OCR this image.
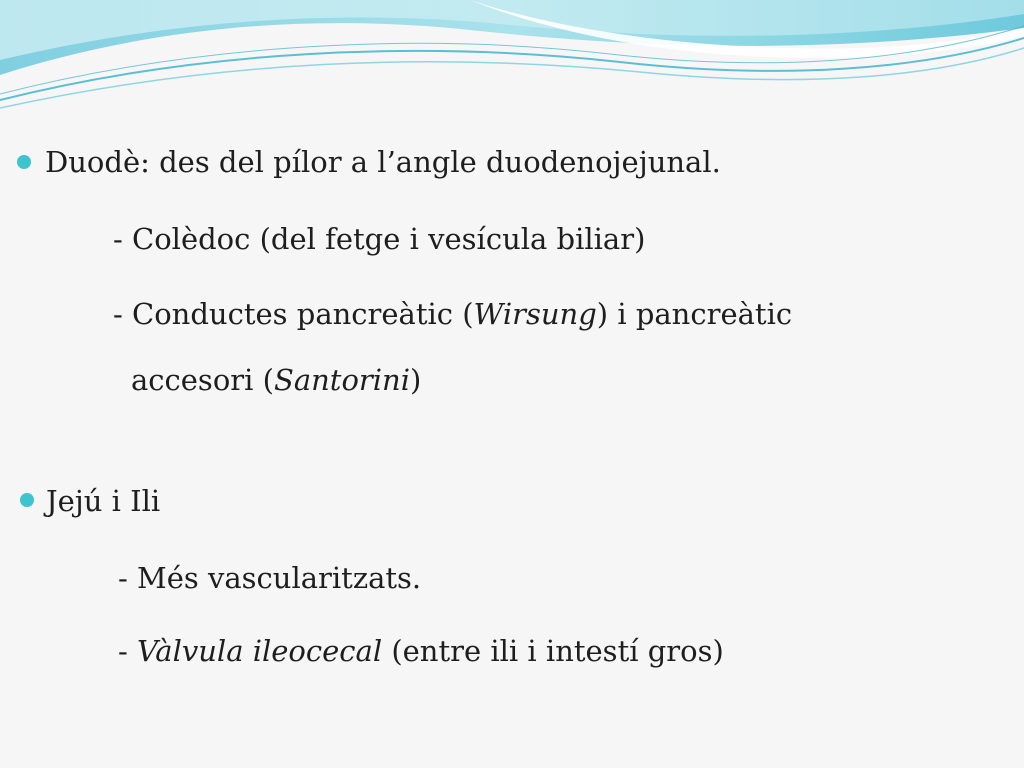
Duodè: des del pílor a l’angle duodenojejunal.
- Colèdoc (del fetge i vesícula biliar)
- Conductes pancreàtic (Wirsung) i pancreàtic
accesori (Santorini)
Jejú i Ili
- Més vascularitzats.
- Vàlvula ileocecal (entre ili i intestí gros)
